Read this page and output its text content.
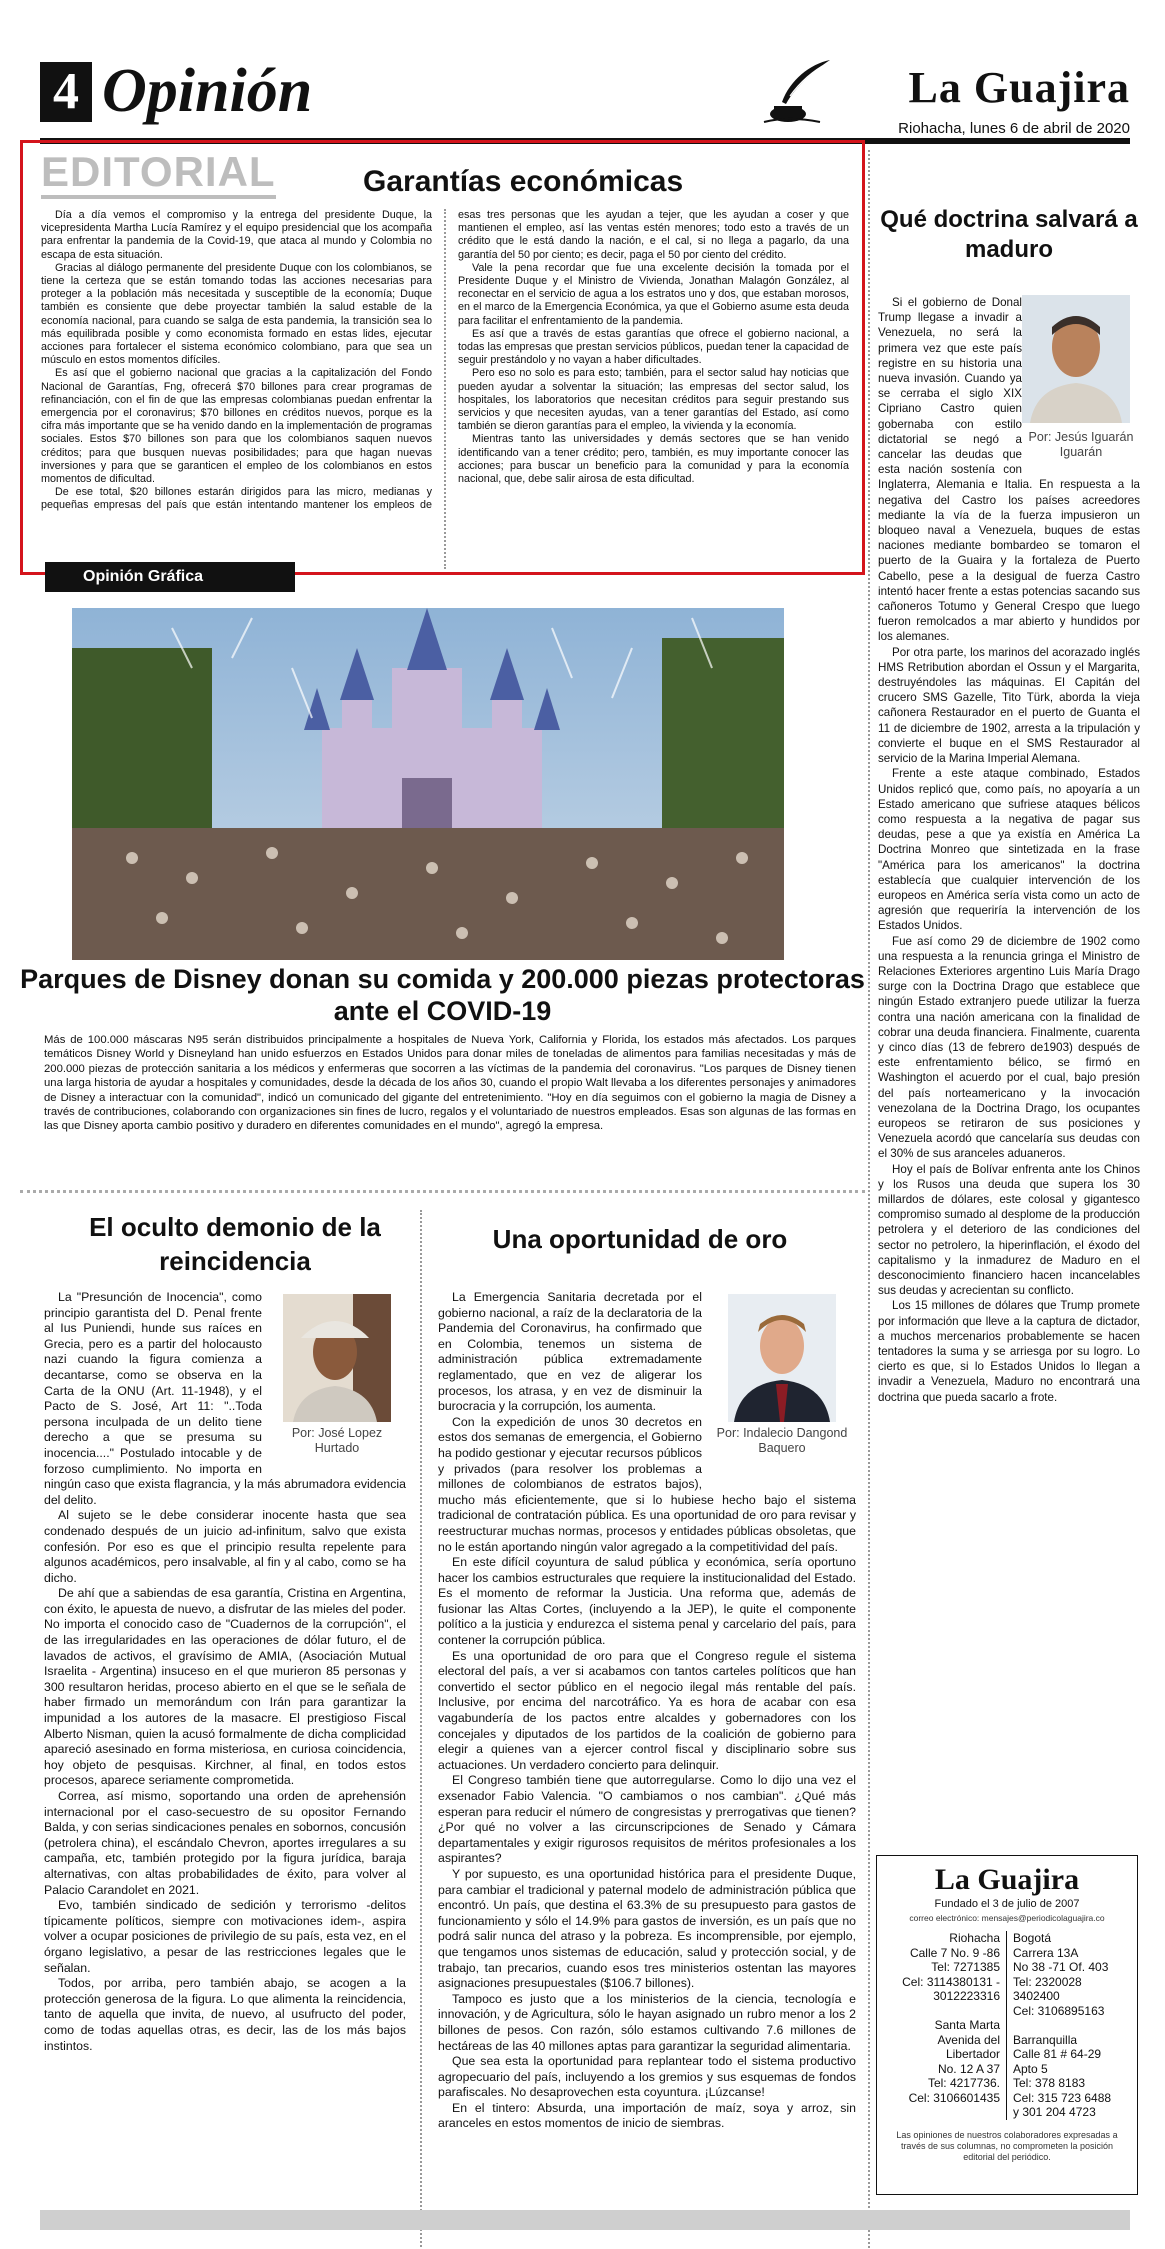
4 Opinión	La Guajira
Riohacha, lunes 6 de abril de 2020
EDITORIAL	Garantías económicas

Día a día vemos el compromiso y la entrega del presidente Duque, la vicepresidenta Martha Lucía Ramírez y el equipo presidencial que los acompaña para enfrentar la pandemia de la Covid-19, que ataca al mundo y Colombia no escapa de esta situación.

Gracias al diálogo permanente del presidente Duque con los colombianos, se tiene la certeza que se están tomando todas las acciones necesarias para proteger a la población más necesitada y susceptible de la economía; Duque también es consiente que debe proyectar también la salud estable de la economía nacional, para cuando se salga de esta pandemia, la transición sea lo más equilibrada posible y como economista formado en estas lides, ejecutar acciones para fortalecer el sistema económico colombiano, para que sea un músculo en estos momentos difíciles.

Es así que el gobierno nacional que gracias a la capitalización del Fondo Nacional de Garantías, Fng, ofrecerá $70 billones para crear programas de refinanciación, con el fin de que las empresas colombianas puedan enfrentar la emergencia por el coronavirus; $70 billones en créditos nuevos, porque es la cifra más importante que se ha venido dando en la implementación de programas sociales. Estos $70 billones son para que los colombianos saquen nuevos créditos; para que busquen nuevas posibilidades; para que hagan nuevas inversiones y para que se garanticen el empleo de los colombianos en estos momentos de dificultad.

De ese total, $20 billones estarán dirigidos para las micro, medianas y pequeñas empresas del país que están intentando mantener los empleos de esas tres personas que les ayudan a tejer, que les ayudan a coser y que mantienen el empleo, así las ventas estén menores; todo esto a través de un crédito que le está dando la nación, e el cal, si no llega a pagarlo, da una garantía del 50 por ciento; es decir, paga el 50 por ciento del crédito.

Vale la pena recordar que fue una excelente decisión la tomada por el Presidente Duque y el Ministro de Vivienda, Jonathan Malagón González, al reconectar en el servicio de agua a los estratos uno y dos, que estaban morosos, en el marco de la Emergencia Económica, ya que el Gobierno asume esta deuda para facilitar el enfrentamiento de la pandemia.

Es así que a través de estas garantías que ofrece el gobierno nacional, a todas las empresas que prestan servicios públicos, puedan tener la capacidad de seguir prestándolo y no vayan a haber dificultades.

Pero eso no solo es para esto; también, para el sector salud hay noticias que pueden ayudar a solventar la situación; las empresas del sector salud, los hospitales, los laboratorios que necesitan créditos para seguir prestando sus servicios y que necesiten ayudas, van a tener garantías del Estado, así como también se dieron garantías para el empleo, la vivienda y la economía.

Mientras tanto las universidades y demás sectores que se han venido identificando van a tener crédito; pero, también, es muy importante conocer las acciones; para buscar un beneficio para la comunidad y para la economía nacional, que, debe salir airosa de esta dificultad.

Opinión Gráfica
Parques de Disney donan su comida y 200.000 piezas protectoras ante el COVID-19
Más de 100.000 máscaras N95 serán distribuidos principalmente a hospitales de Nueva York, California y Florida, los estados más afectados. Los parques temáticos Disney World y Disneyland han unido esfuerzos en Estados Unidos para donar miles de toneladas de alimentos para familias necesitadas y más de 200.000 piezas de protección sanitaria a los médicos y enfermeras que socorren a las víctimas de la pandemia del coronavirus. "Los parques de Disney tienen una larga historia de ayudar a hospitales y comunidades, desde la década de los años 30, cuando el propio Walt llevaba a los diferentes personajes y animadores de Disney a interactuar con la comunidad", indicó un comunicado del gigante del entretenimiento. "Hoy en día seguimos con el gobierno la magia de Disney a través de contribuciones, colaborando con organizaciones sin fines de lucro, regalos y el voluntariado de nuestros empleados. Esas son algunas de las formas en las que Disney aporta cambio positivo y duradero en diferentes comunidades en el mundo", agregó la empresa.
Qué doctrina salvará a maduro
Por: Jesús Iguarán Iguarán

Si el gobierno de Donal Trump llegase a invadir a Venezuela, no será la primera vez que este país registre en su historia una nueva invasión. Cuando ya se cerraba el siglo XIX Cipriano Castro quien gobernaba con estilo dictatorial se negó a cancelar las deudas que esta nación sostenía con Inglaterra, Alemania e Italia. En respuesta a la negativa del Castro los países acreedores mediante la vía de la fuerza impusieron un bloqueo naval a Venezuela, buques de estas naciones mediante bombardeo se tomaron el puerto de la Guaira y la fortaleza de Puerto Cabello, pese a la desigual de fuerza Castro intentó hacer frente a estas potencias sacando sus cañoneros Totumo y General Crespo que luego fueron remolcados a mar abierto y hundidos por los alemanes.

Por otra parte, los marinos del acorazado inglés HMS Retribution abordan el Ossun y el Margarita, destruyéndoles las máquinas. El Capitán del crucero SMS Gazelle, Tito Türk, aborda la vieja cañonera Restaurador en el puerto de Guanta el 11 de diciembre de 1902, arresta a la tripulación y convierte el buque en el SMS Restaurador al servicio de la Marina Imperial Alemana.

Frente a este ataque combinado, Estados Unidos replicó que, como país, no apoyaría a un Estado americano que sufriese ataques bélicos como respuesta a la negativa de pagar sus deudas, pese a que ya existía en América La Doctrina Monreo que sintetizada en la frase "América para los americanos" la doctrina establecía que cualquier intervención de los europeos en América sería vista como un acto de agresión que requeriría la intervención de los Estados Unidos.

Fue así como 29 de diciembre de 1902 como una respuesta a la renuncia gringa el Ministro de Relaciones Exteriores argentino Luis María Drago surge con la Doctrina Drago que establece que ningún Estado extranjero puede utilizar la fuerza contra una nación americana con la finalidad de cobrar una deuda financiera. Finalmente, cuarenta y cinco días (13 de febrero de1903) después de este enfrentamiento bélico, se firmó en Washington el acuerdo por el cual, bajo presión del país norteamericano y la invocación venezolana de la Doctrina Drago, los ocupantes europeos se retiraron de sus posiciones y Venezuela acordó que cancelaría sus deudas con el 30% de sus aranceles aduaneros.

Hoy el país de Bolívar enfrenta ante los Chinos y los Rusos una deuda que supera los 30 millardos de dólares, este colosal y gigantesco compromiso sumado al desplome de la producción petrolera y el deterioro de las condiciones del sector no petrolero, la hiperinflación, el éxodo del capitalismo y la inmadurez de Maduro en el desconocimiento financiero hacen incancelables sus deudas y acrecientan su conflicto.

Los 15 millones de dólares que Trump promete por información que lleve a la captura de dictador, a muchos mercenarios probablemente se hacen tentadores la suma y se arriesga por su logro. Lo cierto es que, si lo Estados Unidos lo llegan a invadir a Venezuela, Maduro no encontrará una doctrina que pueda sacarlo a frote.

El oculto demonio de la reincidencia
Una oportunidad de oro
Por: José Lopez Hurtado

La "Presunción de Inocencia", como principio garantista del D. Penal frente al Ius Puniendi, hunde sus raíces en Grecia, pero es a partir del holocausto nazi cuando la figura comienza a decantarse, como se observa en la Carta de la ONU (Art. 11-1948), y el Pacto de S. José, Art 11: "..Toda persona inculpada de un delito tiene derecho a que se presuma su inocencia...." Postulado intocable y de forzoso cumplimiento. No importa en ningún caso que exista flagrancia, y la más abrumadora evidencia del delito.

Al sujeto se le debe considerar inocente hasta que sea condenado después de un juicio ad-infinitum, salvo que exista confesión. Por eso es que el principio resulta repelente para algunos académicos, pero insalvable, al fin y al cabo, como se ha dicho.

De ahí que a sabiendas de esa garantía, Cristina en Argentina, con éxito, le apuesta de nuevo, a disfrutar de las mieles del poder. No importa el conocido caso de "Cuadernos de la corrupción", el de las irregularidades en las operaciones de dólar futuro, el de lavados de activos, el gravísimo de AMIA, (Asociación Mutual Israelita - Argentina) insuceso en el que murieron 85 personas y 300 resultaron heridas, proceso abierto en el que se le señala de haber firmado un memorándum con Irán para garantizar la impunidad a los autores de la masacre. El prestigioso Fiscal Alberto Nisman, quien la acusó formalmente de dicha complicidad apareció asesinado en forma misteriosa, en curiosa coincidencia, hoy objeto de pesquisas. Kirchner, al final, en todos estos procesos, aparece seriamente comprometida.

Correa, así mismo, soportando una orden de aprehensión internacional por el caso-secuestro de su opositor Fernando Balda, y con serias sindicaciones penales en sobornos, concusión (petrolera china), el escándalo Chevron, aportes irregulares a su campaña, etc, también protegido por la figura jurídica, baraja alternativas, con altas probabilidades de éxito, para volver al Palacio Carandolet en 2021.

Evo, también sindicado de sedición y terrorismo -delitos típicamente políticos, siempre con motivaciones idem-, aspira volver a ocupar posiciones de privilegio de su país, esta vez, en el órgano legislativo, a pesar de las restricciones legales que le señalan.

Todos, por arriba, pero también abajo, se acogen a la protección generosa de la figura. Lo que alimenta la reincidencia, tanto de aquella que invita, de nuevo, al usufructo del poder, como de todas aquellas otras, es decir, las de los más bajos instintos.

Por: Indalecio Dangond Baquero

La Emergencia Sanitaria decretada por el gobierno nacional, a raíz de la declaratoria de la Pandemia del Coronavirus, ha confirmado que en Colombia, tenemos un sistema de administración pública extremadamente reglamentado, que en vez de aligerar los procesos, los atrasa, y en vez de disminuir la burocracia y la corrupción, los aumenta.

Con la expedición de unos 30 decretos en estos dos semanas de emergencia, el Gobierno ha podido gestionar y ejecutar recursos públicos y privados (para resolver los problemas a millones de colombianos de estratos bajos), mucho más eficientemente, que si lo hubiese hecho bajo el sistema tradicional de contratación pública. Es una oportunidad de oro para revisar y reestructurar muchas normas, procesos y entidades públicas obsoletas, que no le están aportando ningún valor agregado a la competitividad del país.

En este difícil coyuntura de salud pública y económica, sería oportuno hacer los cambios estructurales que requiere la institucionalidad del Estado. Es el momento de reformar la Justicia. Una reforma que, además de fusionar las Altas Cortes, (incluyendo a la JEP), le quite el componente político a la justicia y endurezca el sistema penal y carcelario del país, para contener la corrupción pública.

Es una oportunidad de oro para que el Congreso regule el sistema electoral del país, a ver si acabamos con tantos carteles políticos que han convertido el sector público en el negocio ilegal más rentable del país. Inclusive, por encima del narcotráfico. Ya es hora de acabar con esa vagabundería de los pactos entre alcaldes y gobernadores con los concejales y diputados de los partidos de la coalición de gobierno para elegir a quienes van a ejercer control fiscal y disciplinario sobre sus actuaciones. Un verdadero concierto para delinquir.

El Congreso también tiene que autorregularse. Como lo dijo una vez el exsenador Fabio Valencia. "O cambiamos o nos cambian". ¿Qué más esperan para reducir el número de congresistas y prerrogativas que tienen? ¿Por qué no volver a las circunscripciones de Senado y Cámara departamentales y exigir rigurosos requisitos de méritos profesionales a los aspirantes?

Y por supuesto, es una oportunidad histórica para el presidente Duque, para cambiar el tradicional y paternal modelo de administración pública que encontró. Un país, que destina el 63.3% de su presupuesto para gastos de funcionamiento y sólo el 14.9% para gastos de inversión, es un país que no podrá salir nunca del atraso y la pobreza. Es incomprensible, por ejemplo, que tengamos unos sistemas de educación, salud y protección social, y de trabajo, tan precarios, cuando esos tres ministerios ostentan las mayores asignaciones presupuestales ($106.7 billones).

Tampoco es justo que a los ministerios de la ciencia, tecnología e innovación, y de Agricultura, sólo le hayan asignado un rubro menor a los 2 billones de pesos. Con razón, sólo estamos cultivando 7.6 millones de hectáreas de las 40 millones aptas para garantizar la seguridad alimentaria.

Que sea esta la oportunidad para replantear todo el sistema productivo agropecuario del país, incluyendo a los gremios y sus esquemas de fondos parafiscales. No desaprovechen esta coyuntura. ¡Lúzcanse!

En el tintero: Absurda, una importación de maíz, soya y arroz, sin aranceles en estos momentos de inicio de siembras.

La Guajira
Fundado el 3 de julio de 2007
correo electrónico: mensajes@periodicolaguajira.co
Riohacha
Calle 7 No. 9 -86
Tel: 7271385
Cel: 3114380131 -
3012223316

Santa Marta
Avenida del
Libertador
No. 12 A 37
Tel: 4217736.
Cel: 3106601435
Bogotá
Carrera 13A
No 38 -71 Of. 403
Tel: 2320028
3402400
Cel: 3106895163

Barranquilla
Calle 81 # 64-29
Apto 5
Tel: 378 8183
Cel: 315 723 6488
y 301 204 4723
Las opiniones de nuestros colaboradores expresadas a través de sus columnas, no comprometen la posición editorial del periódico.
